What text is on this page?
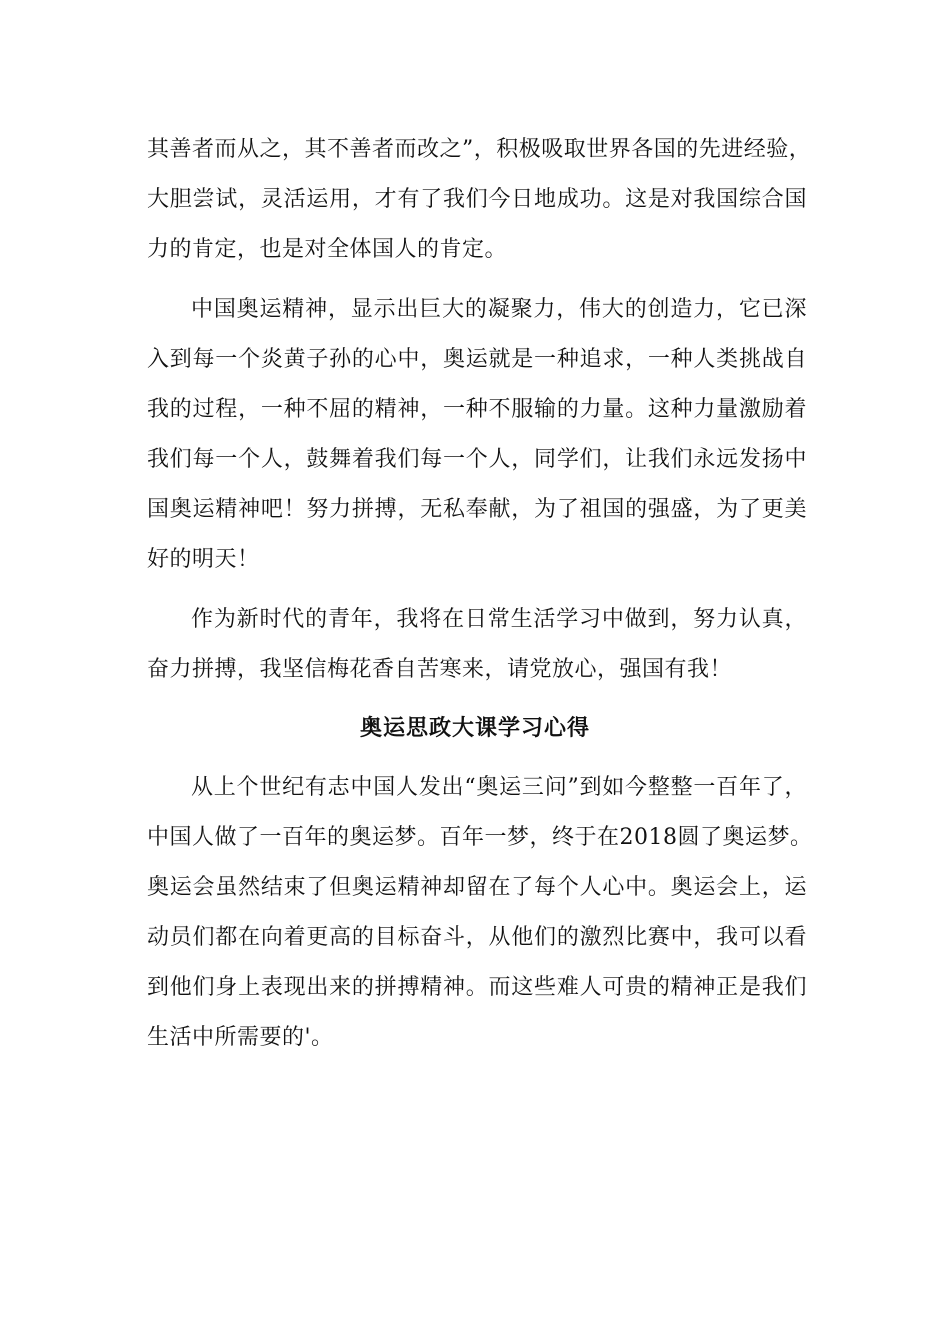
其善者而从之，其不善者而改之”，积极吸取世界各国的先进经验，
大胆尝试，灵活运用，才有了我们今日地成功。这是对我国综合国
力的肯定，也是对全体国人的肯定。
中国奥运精神，显示出巨大的凝聚力，伟大的创造力，它已深
入到每一个炎黄子孙的心中，奥运就是一种追求，一种人类挑战自
我的过程，一种不屈的精神，一种不服输的力量。这种力量激励着
我们每一个人，鼓舞着我们每一个人，同学们，让我们永远发扬中
国奥运精神吧！努力拼搏，无私奉献，为了祖国的强盛，为了更美
好的明天！
作为新时代的青年，我将在日常生活学习中做到，努力认真，
奋力拼搏，我坚信梅花香自苦寒来，请党放心，强国有我！
奥运思政大课学习心得
从上个世纪有志中国人发出“奥运三问”到如今整整一百年了，
中国人做了一百年的奥运梦。百年一梦，终于在2018圆了奥运梦。
奥运会虽然结束了但奥运精神却留在了每个人心中。奥运会上，运
动员们都在向着更高的目标奋斗，从他们的激烈比赛中，我可以看
到他们身上表现出来的拼搏精神。而这些难人可贵的精神正是我们
生活中所需要的'。
